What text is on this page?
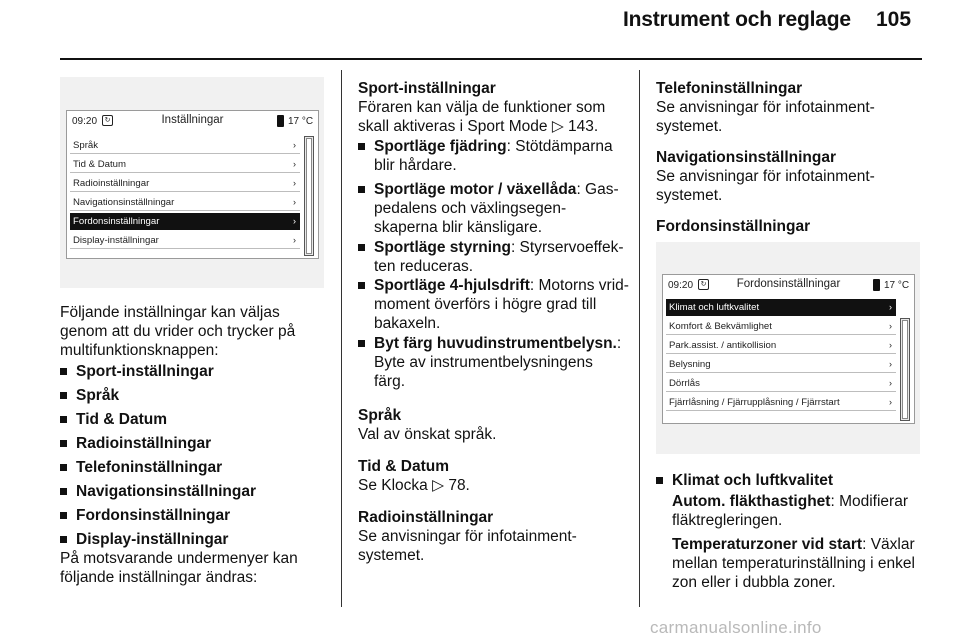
Instrument och reglage 105
09:20	↻	Inställningar	17 °C
Språk	›
Tid & Datum	›
Radioinställningar	›
Navigationsinställningar	›
Fordonsinställningar	›
Display-inställningar	›
Följande inställningar kan väljas
genom att du vrider och trycker på
multifunktionsknappen:
Sport-inställningar
Språk
Tid & Datum
Radioinställningar
Telefoninställningar
Navigationsinställningar
Fordonsinställningar
Display-inställningar
På motsvarande undermenyer kan
följande inställningar ändras:
Sport-inställningar
Föraren kan välja de funktioner som
skall aktiveras i Sport Mode ▷ 143.
Sportläge fjädring: Stötdämparna
blir hårdare.
Sportläge motor / växellåda: Gas-
pedalens och växlingsegen-
skaperna blir känsligare.
Sportläge styrning: Styrservoeffek-
ten reduceras.
Sportläge 4-hjulsdrift: Motorns vrid-
moment överförs i högre grad till
bakaxeln.
Byt färg huvudinstrumentbelysn.:
Byte av instrumentbelysningens
färg.
Språk
Val av önskat språk.
Tid & Datum
Se Klocka ▷ 78.
Radioinställningar
Se anvisningar för infotainment-
systemet.
Telefoninställningar
Se anvisningar för infotainment-
systemet.
Navigationsinställningar
Se anvisningar för infotainment-
systemet.
Fordonsinställningar
09:20	↻	Fordonsinställningar	17 °C
Klimat och luftkvalitet	›
Komfort & Bekvämlighet	›
Park.assist. / antikollision	›
Belysning	›
Dörrlås	›
Fjärrlåsning / Fjärrupplåsning / Fjärrstart	›
Klimat och luftkvalitet
Autom. fläkthastighet: Modifierar
fläktregleringen.
Temperaturzoner vid start: Växlar
mellan temperaturinställning i enkel
zon eller i dubbla zoner.
carmanualsonline.info
